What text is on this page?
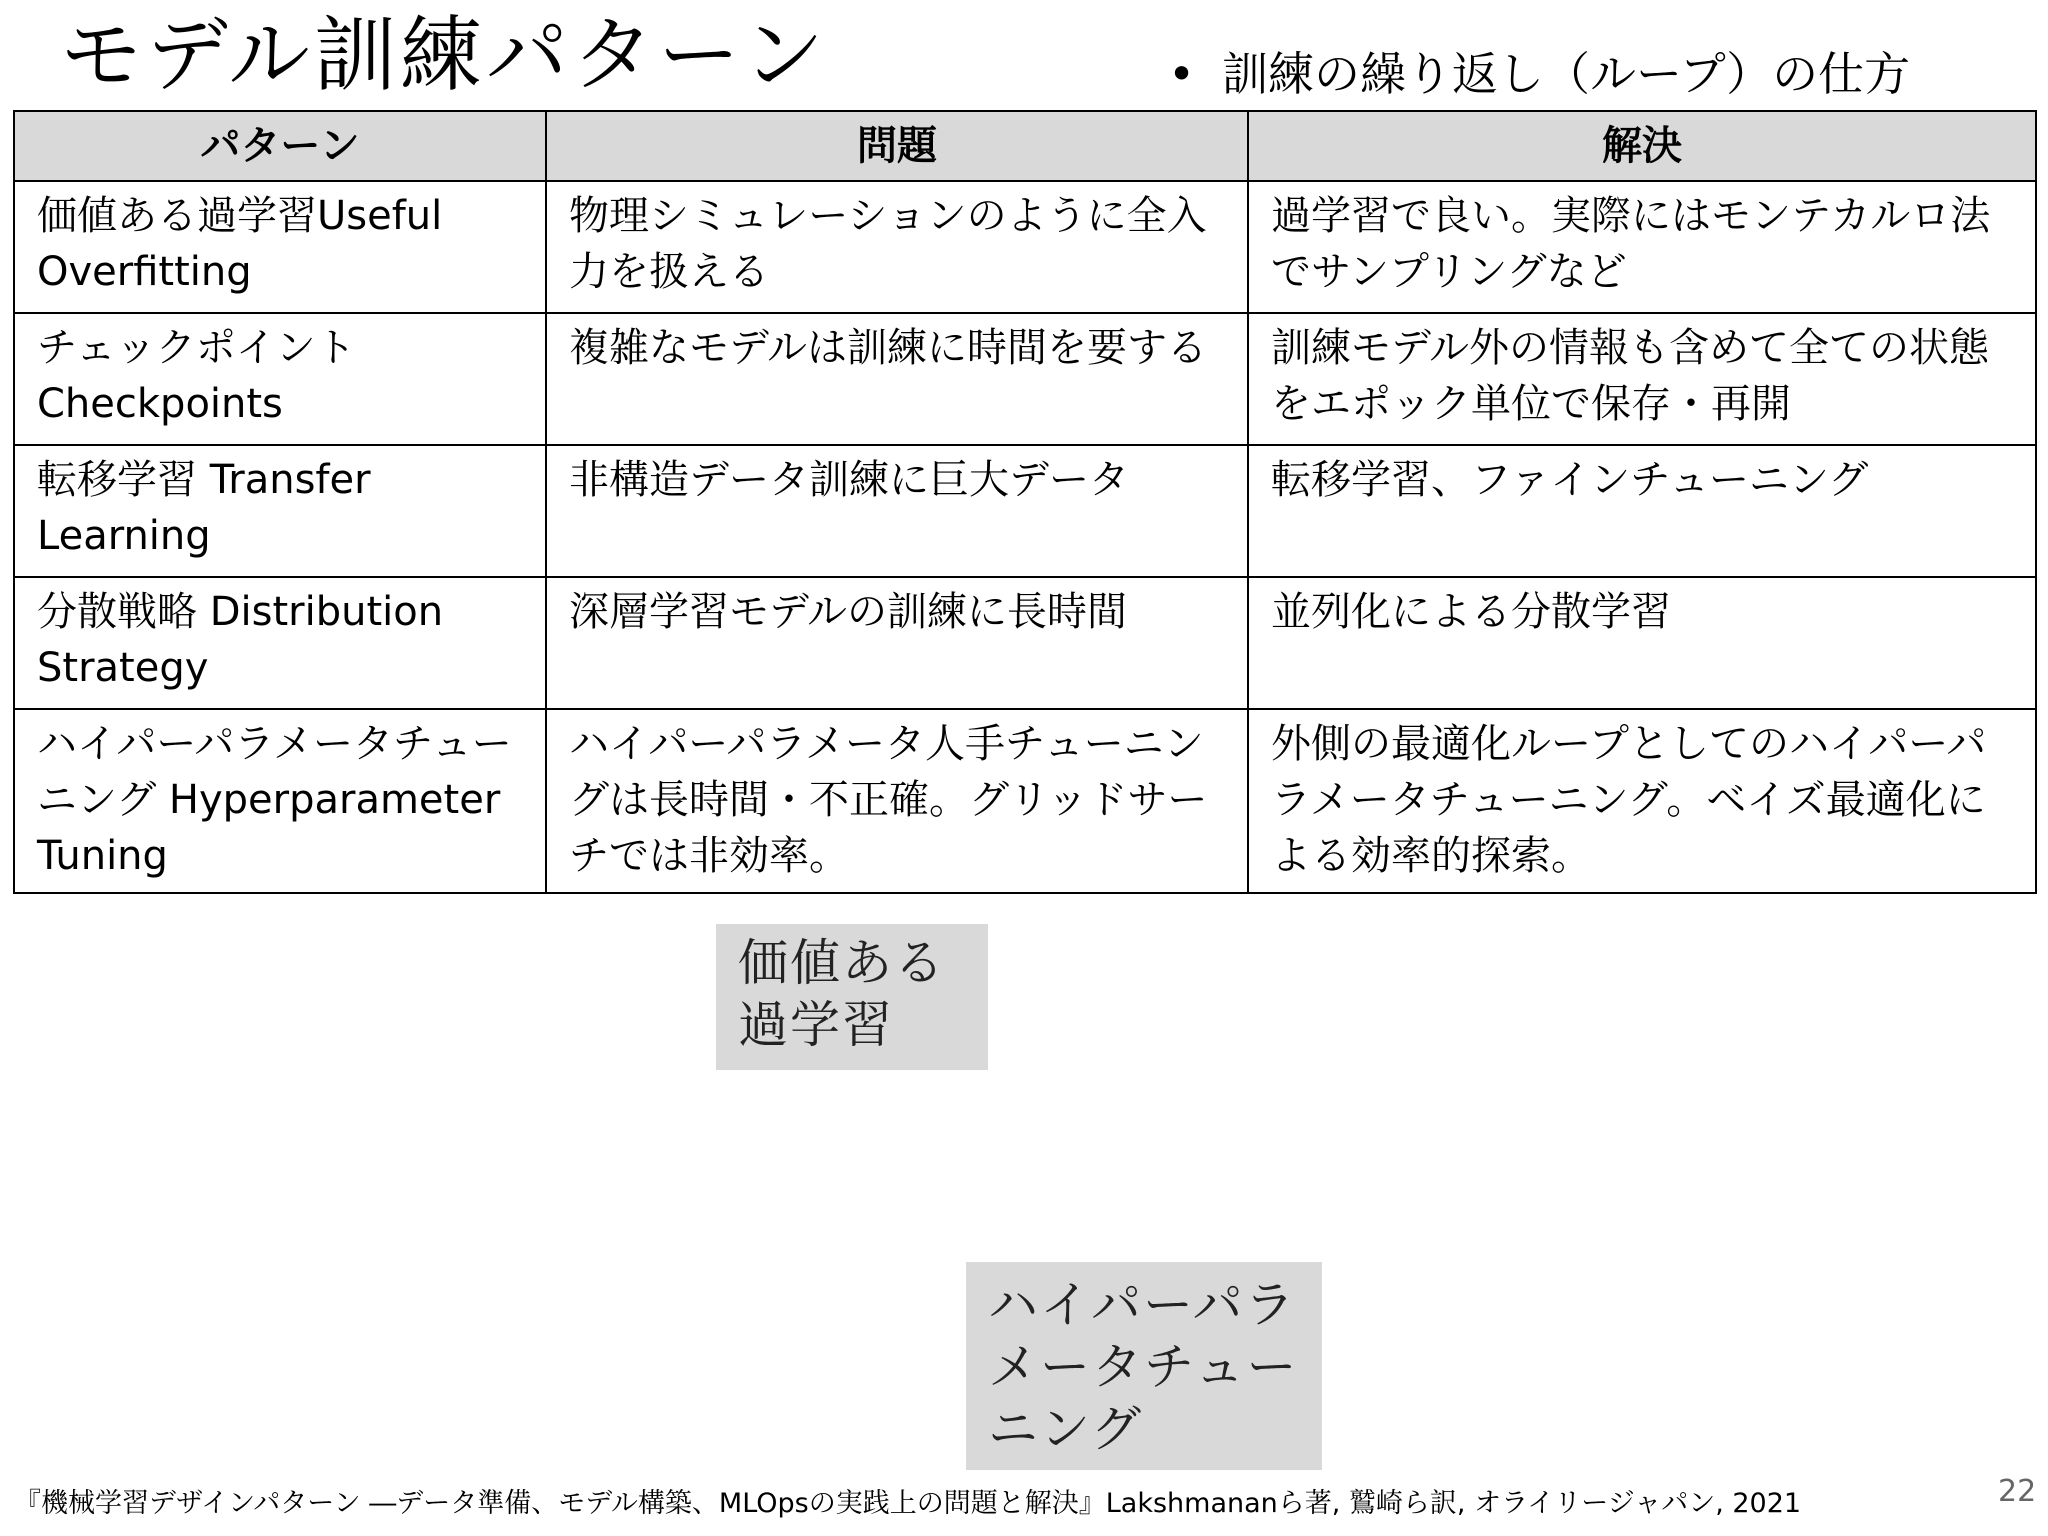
モデル訓練パターン	• 訓練の繰り返し（ループ）の仕方
パターン	問題	解決
価値ある過学習Useful Overfitting	物理シミュレーションのように全入力を扱える	過学習で良い。実際にはモンテカルロ法でサンプリングなど
チェックポイント Checkpoints	複雑なモデルは訓練に時間を要する	訓練モデル外の情報も含めて全ての状態をエポック単位で保存・再開
転移学習 Transfer Learning	非構造データ訓練に巨大データ	転移学習、ファインチューニング
分散戦略 Distribution Strategy	深層学習モデルの訓練に長時間	並列化による分散学習
ハイパーパラメータチューニング Hyperparameter Tuning	ハイパーパラメータ人手チューニングは長時間・不正確。グリッドサーチでは非効率。	外側の最適化ループとしてのハイパーパラメータチューニング。ベイズ最適化による効率的探索。
価値ある過学習
ハイパーパラメータチューニング
『機械学習デザインパターン ―データ準備、モデル構築、MLOpsの実践上の問題と解決』Lakshmananら著, 鷲崎ら訳, オライリージャパン, 2021	22
